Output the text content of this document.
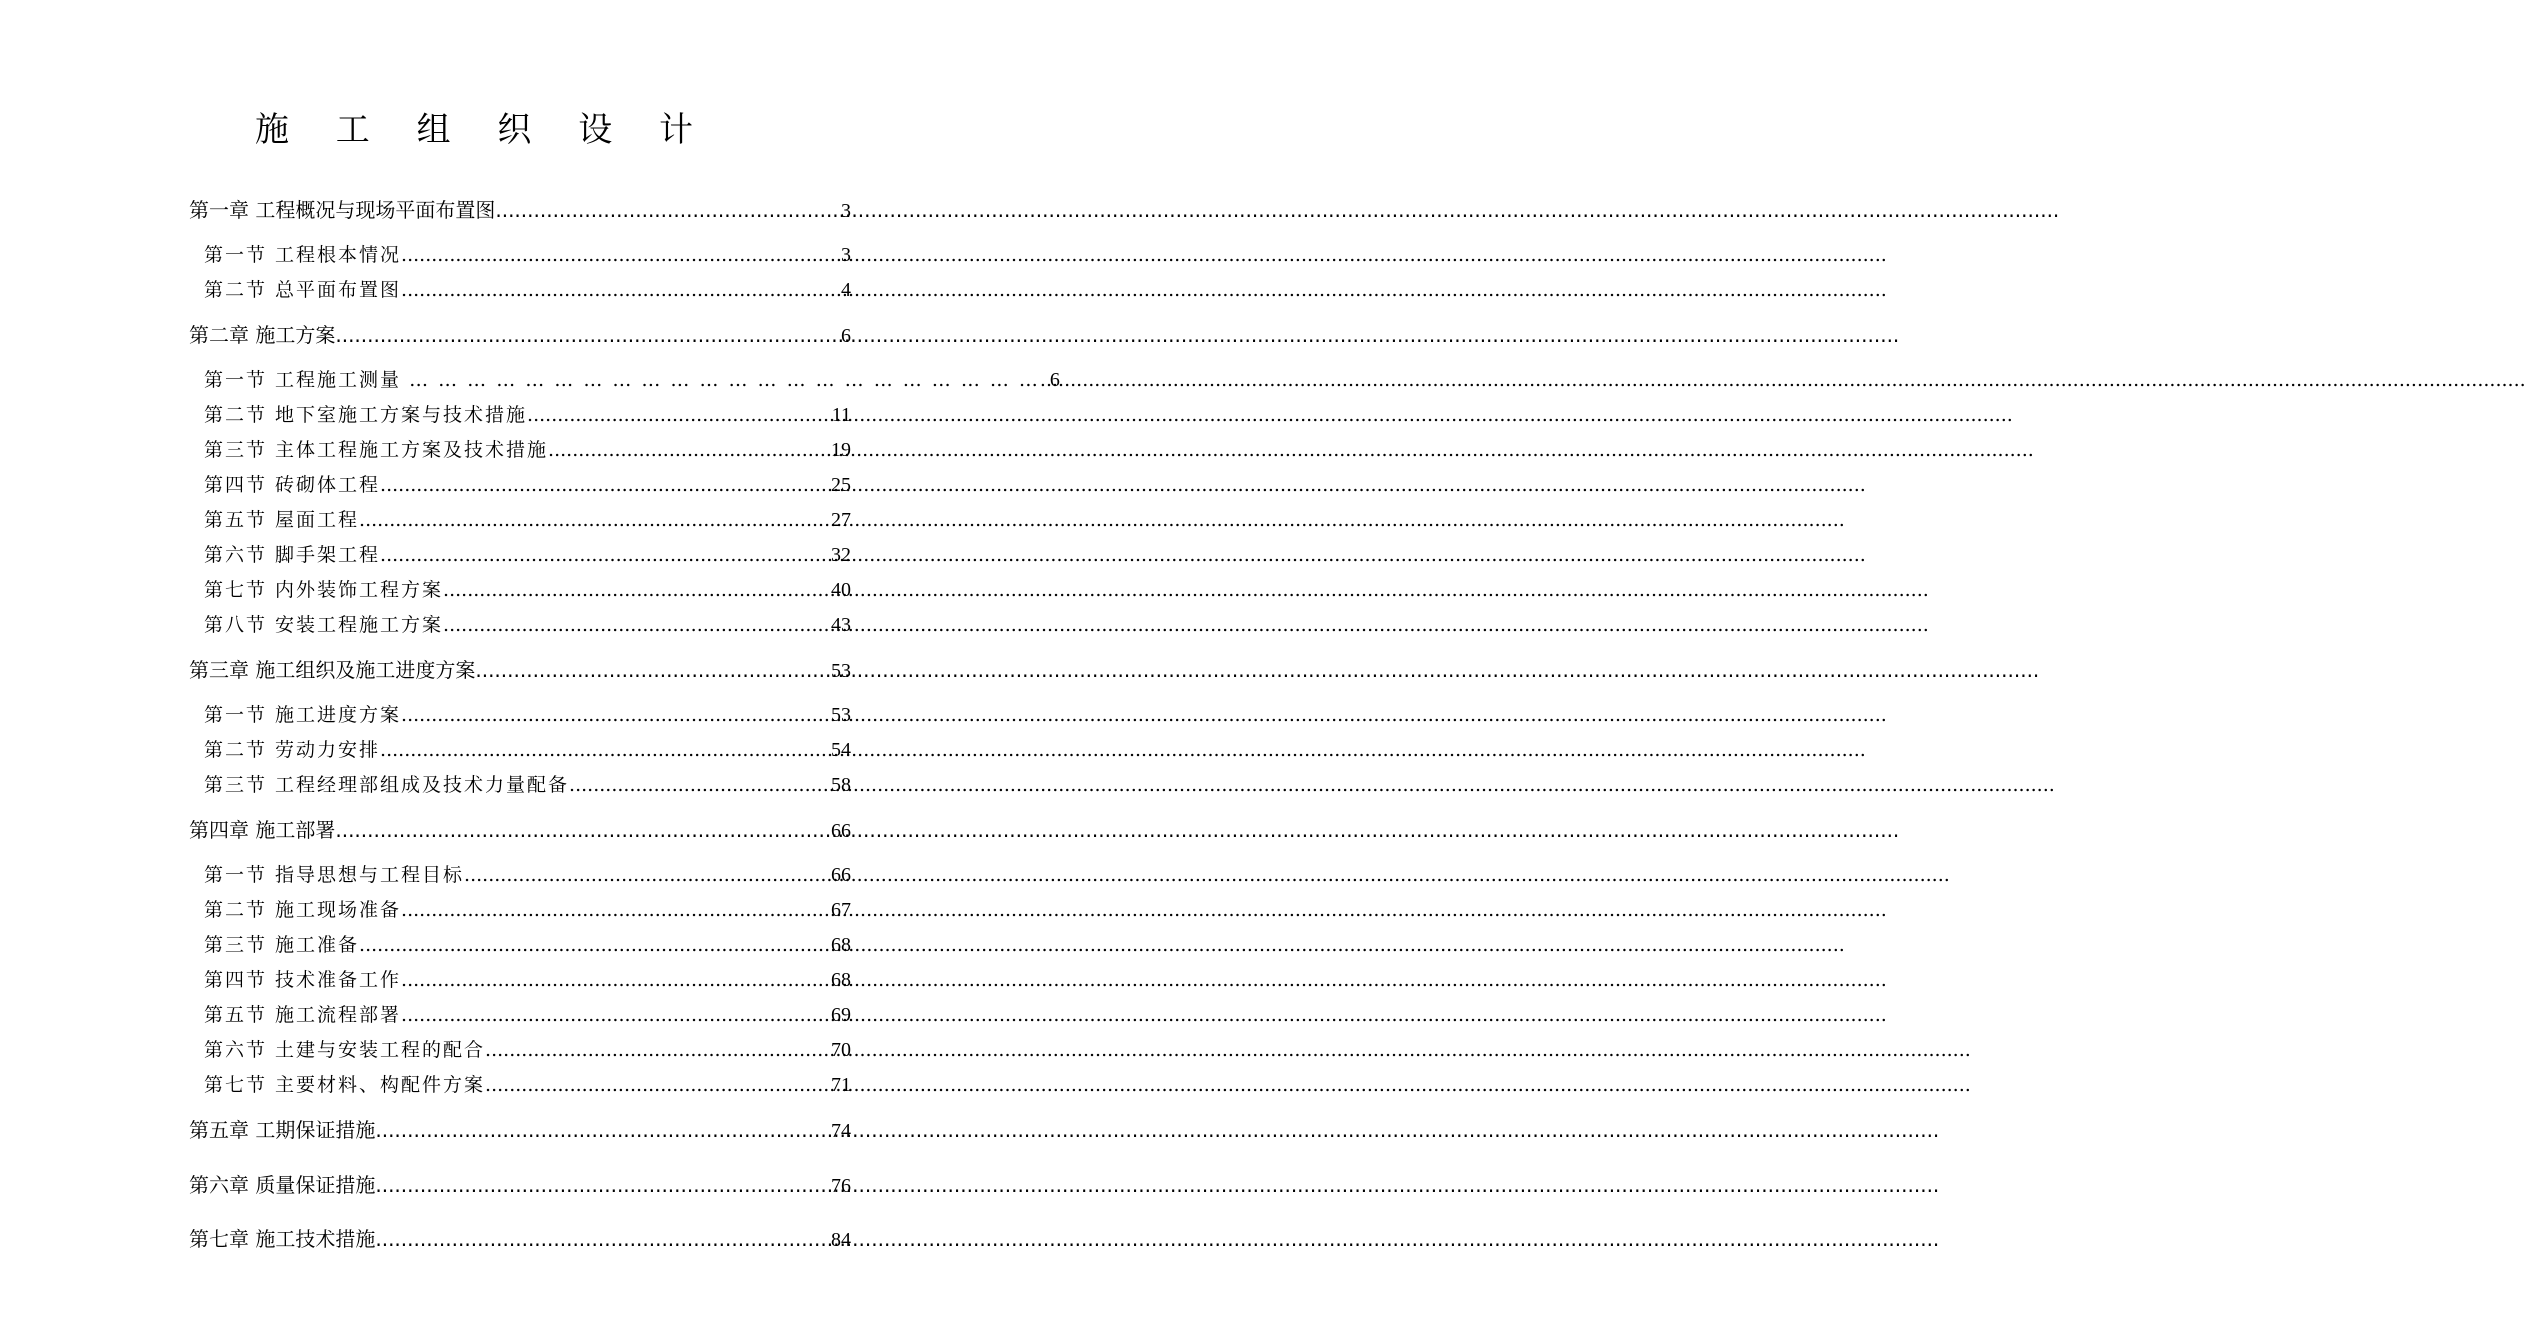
施 工 组 织 设 计
第一章 工程概况与现场平面布置图 .....	3
第一节 工程根本情况 .....	3
第二节 总平面布置图 .....	4
第二章 施工方案 .....	6
第一节 工程施工测量 … … … … … … … … … … … … … … … … … … … … … … ..... 6
第二节 地下室施工方案与技术措施 .....	11
第三节 主体工程施工方案及技术措施 .....	19
第四节 砖砌体工程 .....	25
第五节 屋面工程 .....	27
第六节 脚手架工程 .....	32
第七节 内外装饰工程方案 .....	40
第八节 安装工程施工方案 .....	43
第三章 施工组织及施工进度方案 .....	53
第一节 施工进度方案 .....	53
第二节 劳动力安排 .....	54
第三节 工程经理部组成及技术力量配备 .....	58
第四章 施工部署 .....	66
第一节 指导思想与工程目标 .....	66
第二节 施工现场准备 .....	67
第三节 施工准备 .....	68
第四节 技术准备工作 .....	68
第五节 施工流程部署 .....	69
第六节 土建与安装工程的配合 .....	70
第七节 主要材料、构配件方案 .....	71
第五章 工期保证措施 .....	74
第六章 质量保证措施 .....	76
第七章 施工技术措施 .....	84
